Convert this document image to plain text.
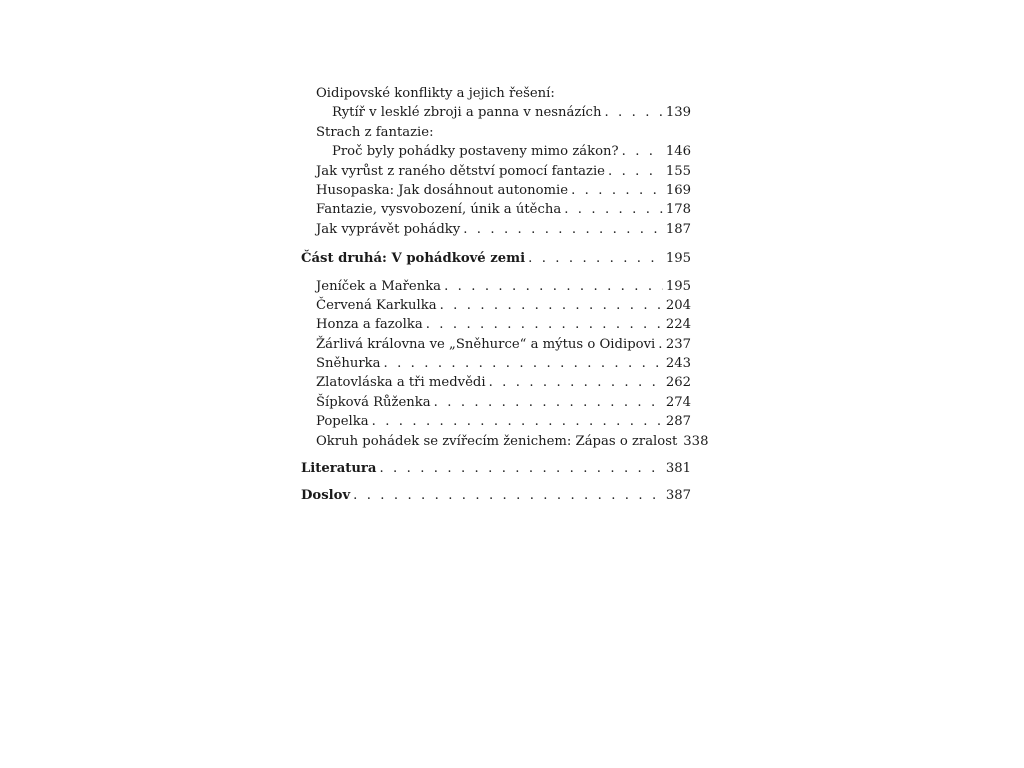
Oidipovské konflikty a jejich řešení:
Rytíř v lesklé zbroji a panna v nesnázích . . .	139
Strach z fantazie:
Proč byly pohádky postaveny mimo zákon? . . .	146
Jak vyrůst z raného dětství pomocí fantazie . . .	155
Husopaska: Jak dosáhnout autonomie . . .	169
Fantazie, vysvobození, únik a útěcha . . .	178
Jak vyprávět pohádky . . .	187
Část druhá: V pohádkové zemi . . .	195
Jeníček a Mařenka . . .	195
Červená Karkulka . . .	204
Honza a fazolka . . .	224
Žárlivá královna ve „Sněhurce“ a mýtus o Oidipovi . . . 237
Sněhurka . . .	243
Zlatovláska a tři medvědi . . .	262
Šípková Růženka . . .	274
Popelka . . .	287
Okruh pohádek se zvířecím ženichem: Zápas o zralost 338
Literatura . . .	381
Doslov . . .	387
